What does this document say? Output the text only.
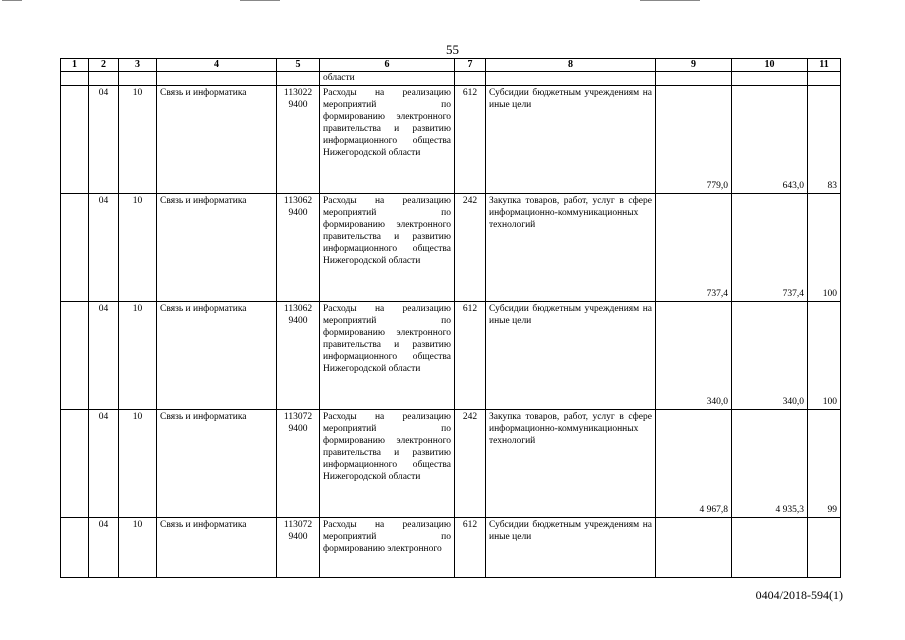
55
1	2	3	4	5	6	7	8	9	10	11
					области					
	04	10	Связь и информатика	113022 9400	Расходы на реализацию мероприятий по формированию электронного правительства и развитию информационного общества Нижегородской области	612	Субсидии бюджетным учреждениям на иные цели	779,0	643,0	83
	04	10	Связь и информатика	113062 9400	Расходы на реализацию мероприятий по формированию электронного правительства и развитию информационного общества Нижегородской области	242	Закупка товаров, работ, услуг в сфере информационно-коммуникационных технологий	737,4	737,4	100
	04	10	Связь и информатика	113062 9400	Расходы на реализацию мероприятий по формированию электронного правительства и развитию информационного общества Нижегородской области	612	Субсидии бюджетным учреждениям на иные цели	340,0	340,0	100
	04	10	Связь и информатика	113072 9400	Расходы на реализацию мероприятий по формированию электронного правительства и развитию информационного общества Нижегородской области	242	Закупка товаров, работ, услуг в сфере информационно-коммуникационных технологий	4 967,8	4 935,3	99
	04	10	Связь и информатика	113072 9400	Расходы на реализацию мероприятий по формированию электронного	612	Субсидии бюджетным учреждениям на иные цели			
0404/2018-594(1)
